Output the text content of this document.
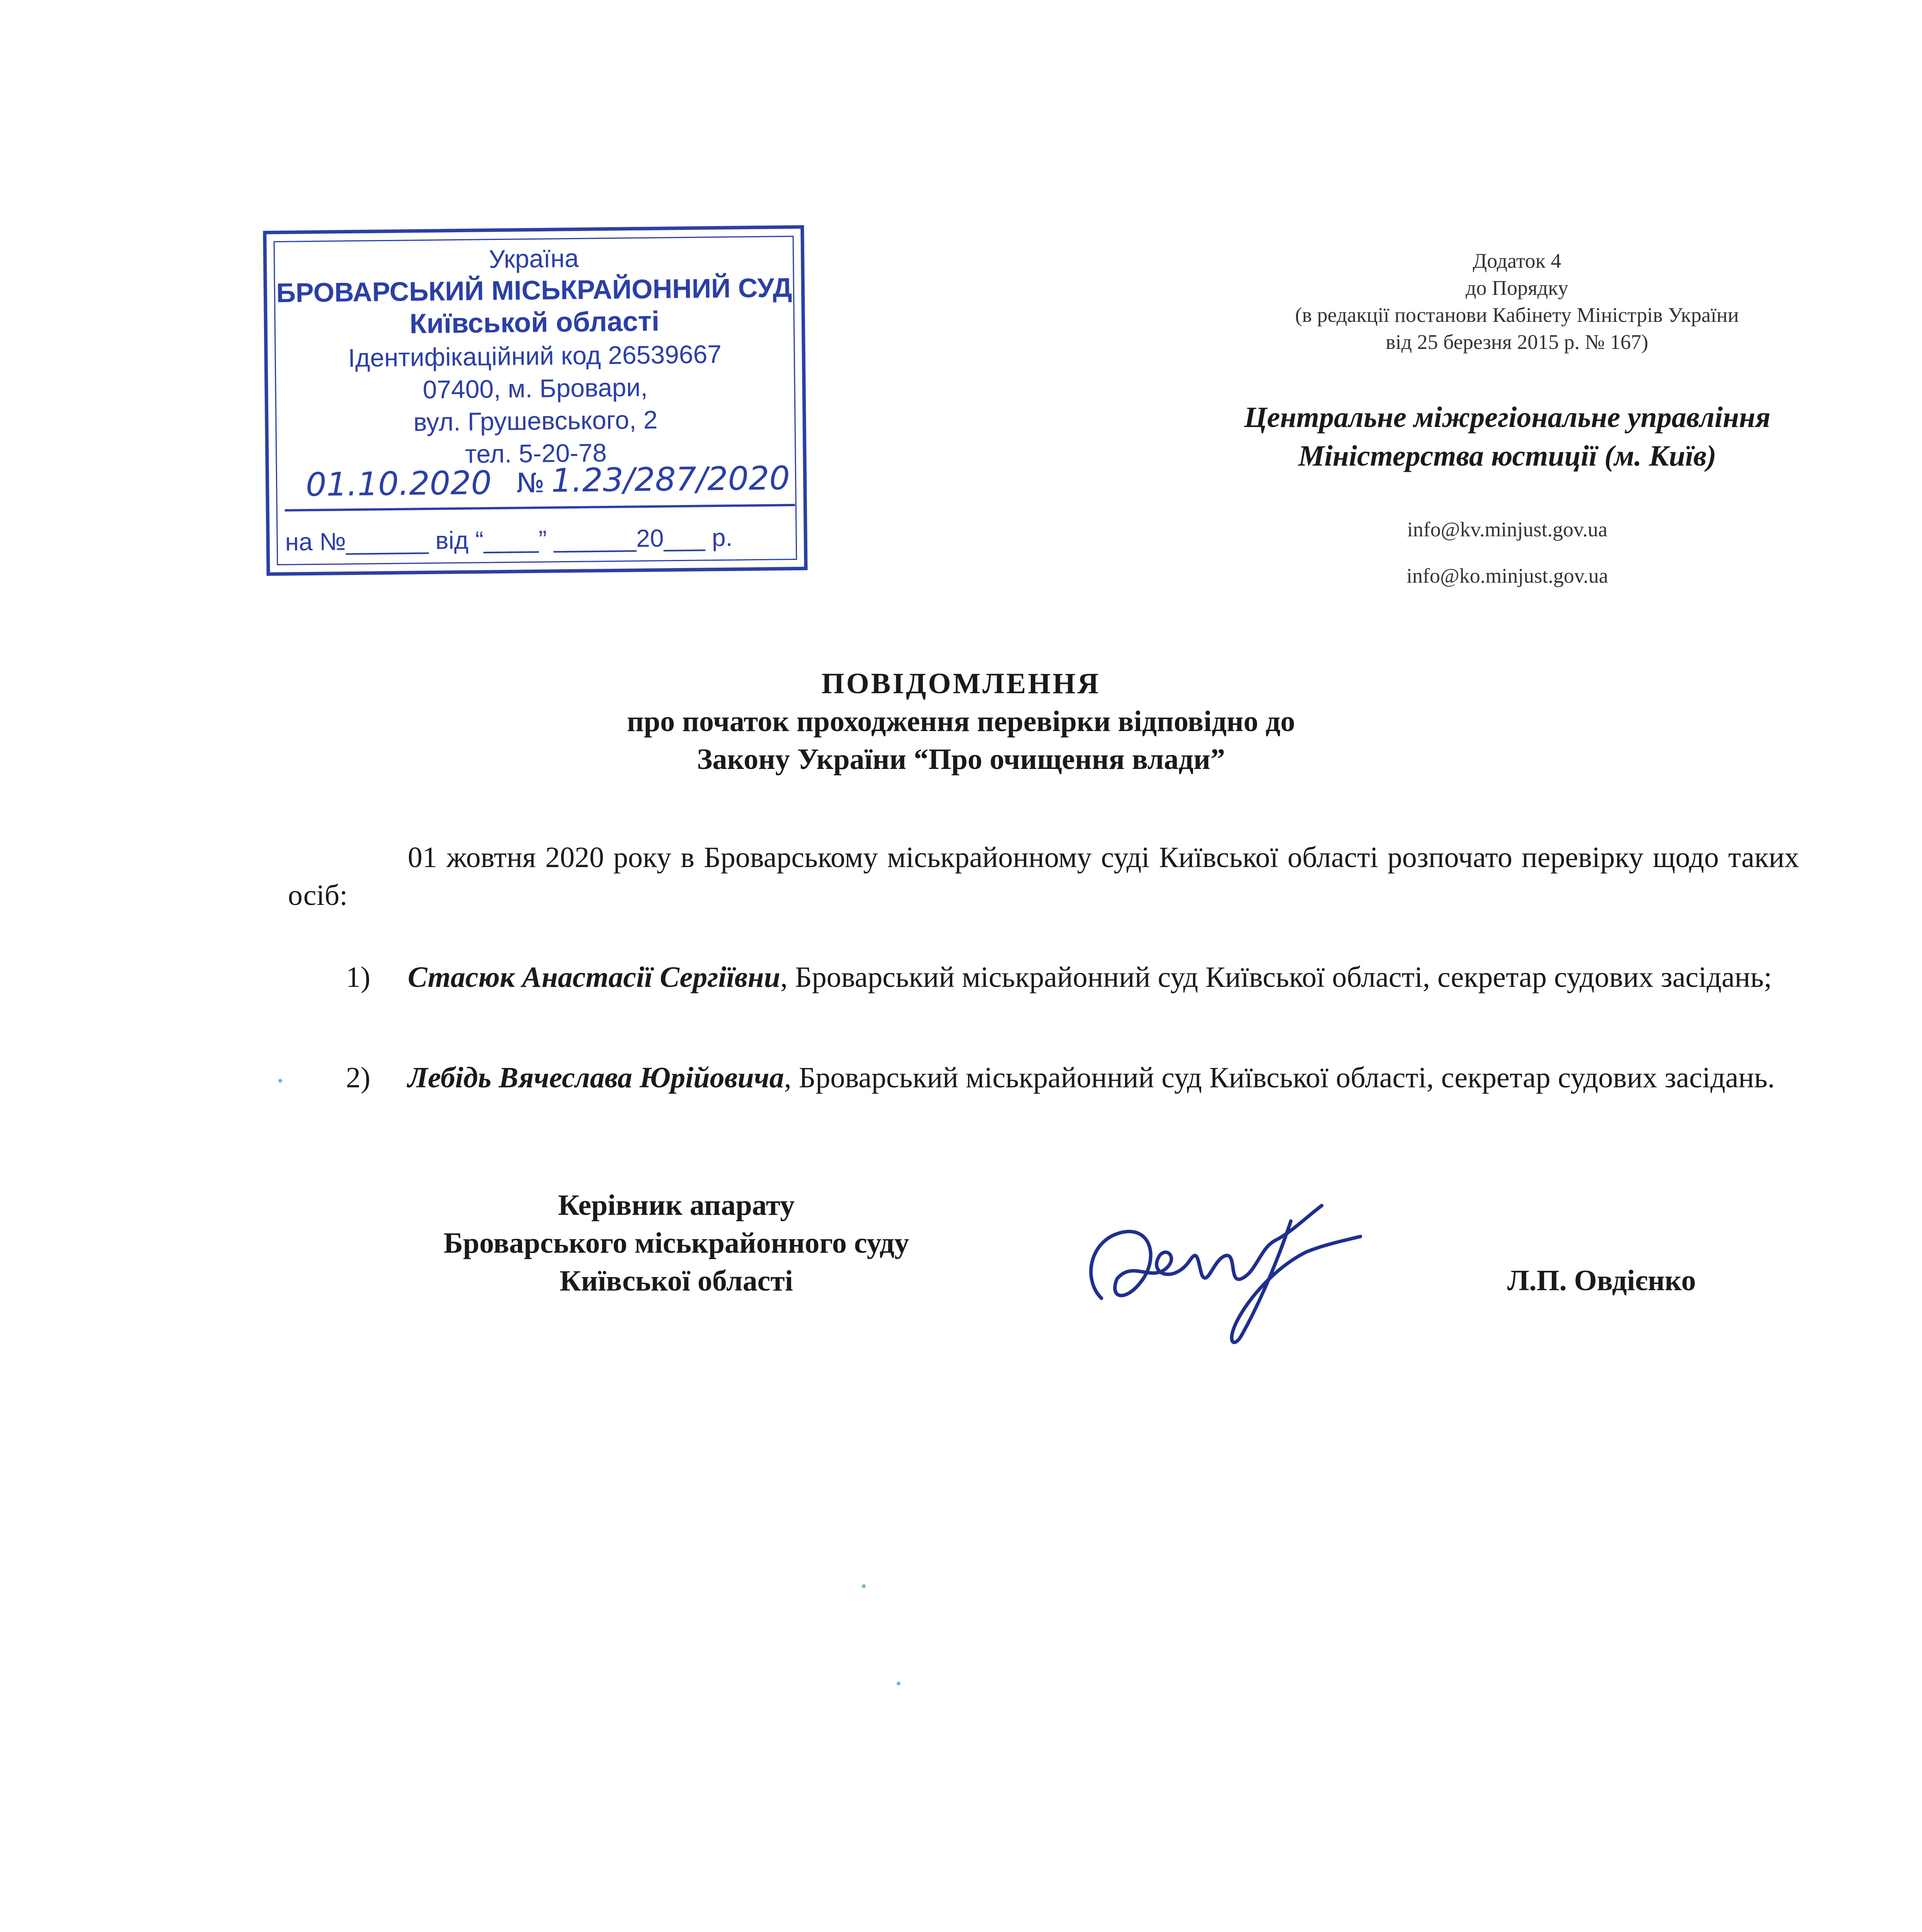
Україна
БРОВАРСЬКИЙ МІСЬКРАЙОННИЙ СУД
Київськой області
Ідентифікаційний код 26539667
07400, м. Бровари,
вул. Грушевського, 2
тел. 5-20-78
01.10.2020 № 1.23/287/2020
на №______ від “____” ______20___ р.
Додаток 4
до Порядку
(в редакції постанови Кабінету Міністрів України
від 25 березня 2015 р. № 167)
Центральне міжрегіональне управління
Міністерства юстиції (м. Київ)
info@kv.minjust.gov.ua
info@ko.minjust.gov.ua
ПОВІДОМЛЕННЯ
про початок проходження перевірки відповідно до
Закону України “Про очищення влади”
01 жовтня 2020 року в Броварському міськрайонному суді Київської області розпочато перевірку щодо таких осіб:
1) Стасюк Анастасії Сергіївни, Броварський міськрайонний суд Київської області, секретар судових засідань;
2) Лебідь Вячеслава Юрійовича, Броварський міськрайонний суд Київської області, секретар судових засідань.
Керівник апарату
Броварського міськрайонного суду
Київської області	Л.П. Овдієнко
